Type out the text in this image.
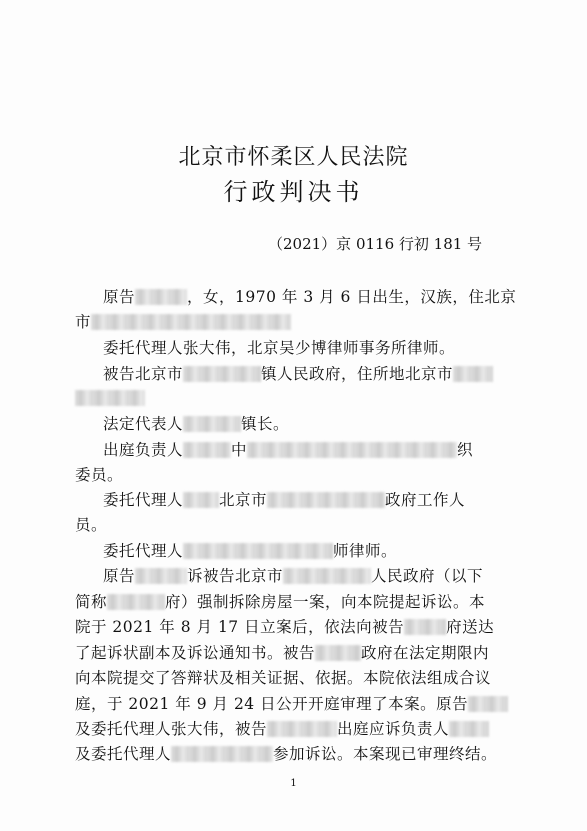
北京市怀柔区人民法院
行政判决书
（2021）京 0116 行初 181 号
原告	，女，1970 年 3 月 6 日出生，汉族，住北京
市
委托代理人张大伟，北京吴少博律师事务所律师。
被告北京市	镇人民政府，住所地北京市
法定代表人	镇长。
出庭负责人	中	织
委员。
委托代理人 北京市	政府工作人
员。
委托代理人	师律师。
原告	诉被告北京市	人民政府（以下
简称	府）强制拆除房屋一案，向本院提起诉讼。本
院于 2021 年 8 月 17 日立案后，依法向被告	府送达
了起诉状副本及诉讼通知书。被告	政府在法定期限内
向本院提交了答辩状及相关证据、依据。本院依法组成合议
庭，于 2021 年 9 月 24 日公开开庭审理了本案。原告
及委托代理人张大伟，被告	出庭应诉负责人
及委托代理人	参加诉讼。本案现已审理终结。
1
